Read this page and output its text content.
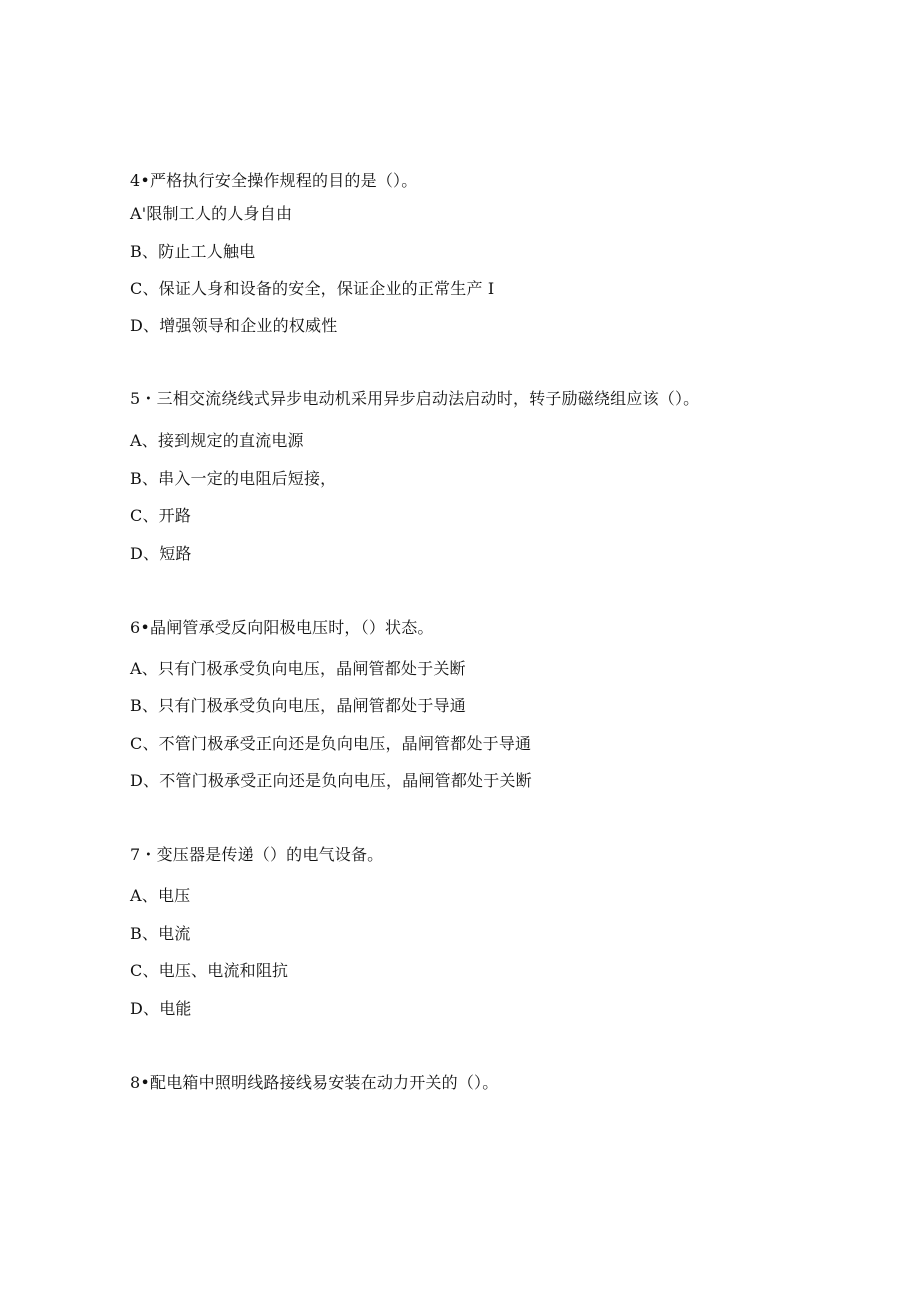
4•严格执行安全操作规程的目的是（）。
A'限制工人的人身自由
B、防止工人触电
C、保证人身和设备的安全，保证企业的正常生产 I
D、增强领导和企业的权威性
5・三相交流绕线式异步电动机采用异步启动法启动时，转子励磁绕组应该（）。
A、接到规定的直流电源
B、串入一定的电阻后短接，
C、开路
D、短路
6•晶闸管承受反向阳极电压时，（）状态。
A、只有门极承受负向电压，晶闸管都处于关断
B、只有门极承受负向电压，晶闸管都处于导通
C、不管门极承受正向还是负向电压，晶闸管都处于导通
D、不管门极承受正向还是负向电压，晶闸管都处于关断
7・变压器是传递（）的电气设备。
A、电压
B、电流
C、电压、电流和阻抗
D、电能
8•配电箱中照明线路接线易安装在动力开关的（）。
